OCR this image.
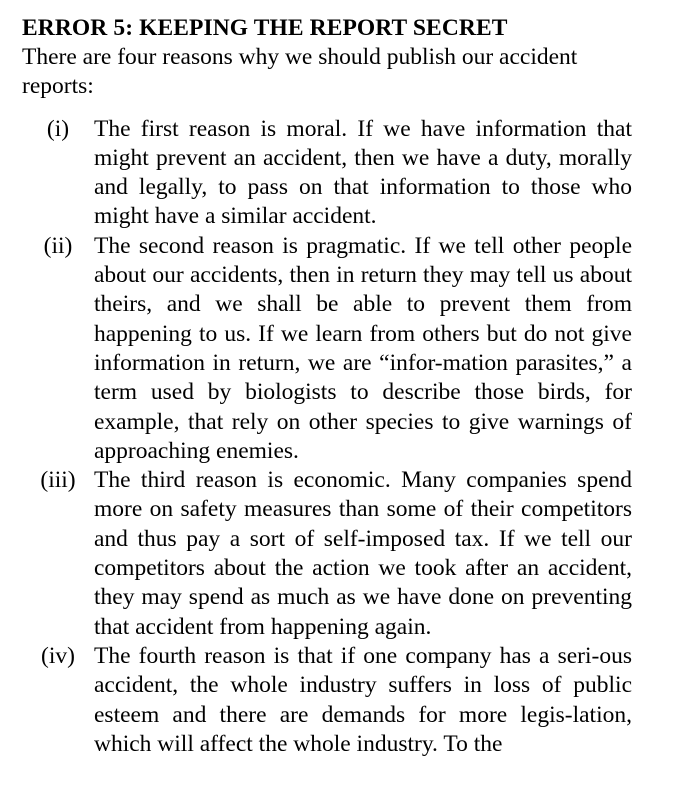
ERROR 5: KEEPING THE REPORT SECRET

There are four reasons why we should publish our accident reports:

(i)	The first reason is moral. If we have information that might prevent an accident, then we have a duty, morally and legally, to pass on that information to those who might have a similar accident.
(ii) The second reason is pragmatic. If we tell other people about our accidents, then in return they may tell us about theirs, and we shall be able to prevent them from happening to us. If we learn from others but do not give information in return, we are “infor-mation parasites,” a term used by biologists to describe those birds, for example, that rely on other species to give warnings of approaching enemies.
(iii) The third reason is economic. Many companies spend more on safety measures than some of their competitors and thus pay a sort of self-imposed tax. If we tell our competitors about the action we took after an accident, they may spend as much as we have done on preventing that accident from happening again.
(iv) The fourth reason is that if one company has a seri-ous accident, the whole industry suffers in loss of public esteem and there are demands for more legis-lation, which will affect the whole industry. To the
